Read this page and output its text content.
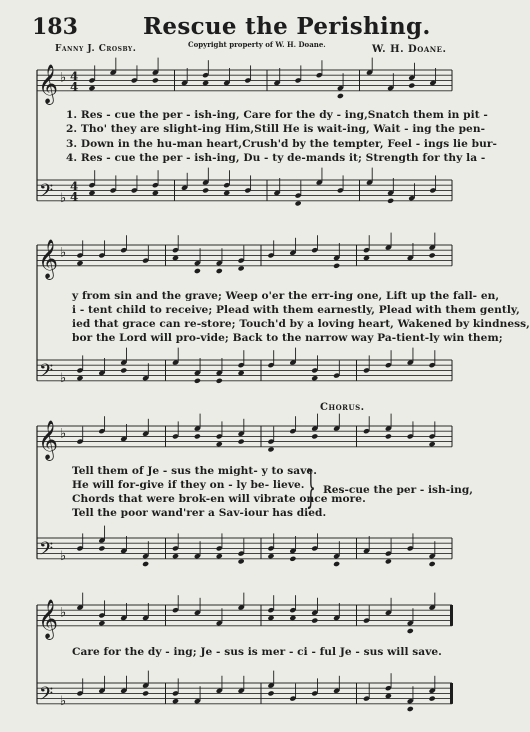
183	Rescue the Perishing.
Fanny J. Crosby.	Copyright property of W. H. Doane.	W. H. Doane.
𝄞
𝄢
♭
♭
4
4
4
4
𝄞
𝄢
♭
♭
𝄞
𝄢
♭
♭
𝄞
𝄢
♭
♭
1. Res - cue the per - ish-ing, Care for the dy - ing,Snatch them in pit -
2. Tho' they are slight-ing Him,Still He is wait-ing, Wait - ing the pen-
3. Down in the hu-man heart,Crush'd by the tempter, Feel - ings lie bur-
4. Res - cue the per - ish-ing, Du - ty de-mands it; Strength for thy la -
y from sin and the grave; Weep o'er the err-ing one, Lift up the fall- en,
i - tent child to receive; Plead with them earnestly, Plead with them gently,
ied that grace can re-store; Touch'd by a loving heart, Wakened by kindness,
bor the Lord will pro-vide; Back to the narrow way Pa-tient-ly win them;
Chorus.
Tell them of Je - sus the might- y to save.
He will for-give if they on - ly be- lieve.
Chords that were brok-en will vibrate once more.
Tell the poor wand'rer a Sav-iour has died.
} Res-cue the per - ish-ing,
Care for the dy - ing; Je - sus is mer - ci - ful Je - sus will save.
